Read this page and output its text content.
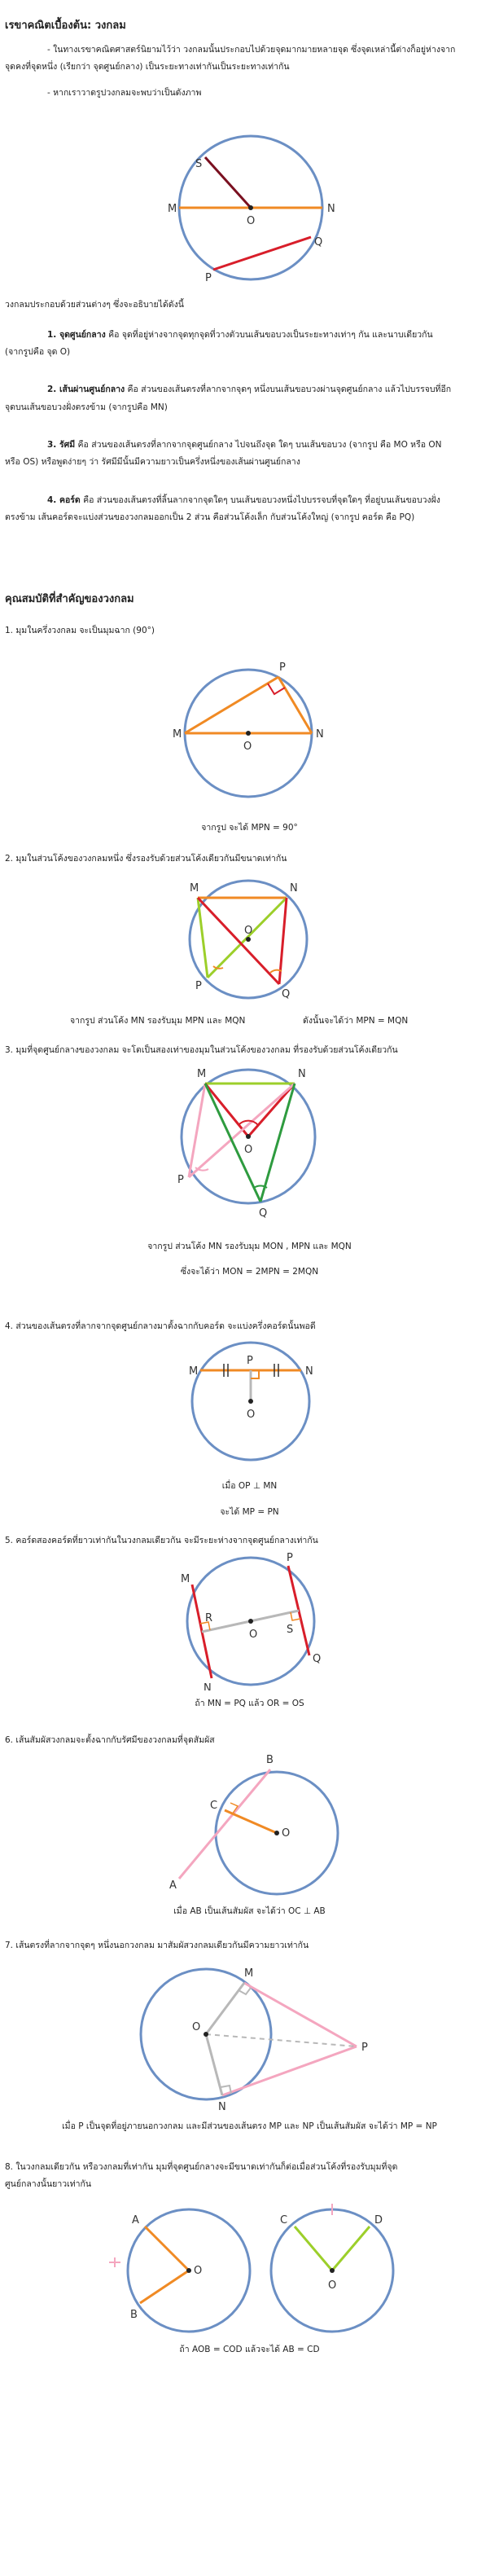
เรขาคณิตเบื้องต้น: วงกลม
- ในทางเรขาคณิตศาสตร์นิยามไว้ว่า วงกลมนั้นประกอบไปด้วยจุดมากมายหลายจุด ซึ่งจุดเหล่านี้ต่างก็อยู่ห่างจาก
จุดคงที่จุดหนึ่ง (เรียกว่า จุดศูนย์กลาง) เป็นระยะทางเท่ากันเป็นระยะทางเท่ากัน
- หากเราวาดรูปวงกลมจะพบว่าเป็นดังภาพ
S
M	N
O
P
Q
วงกลมประกอบด้วยส่วนต่างๆ ซึ่งจะอธิบายได้ดังนี้
1. จุดศูนย์กลาง คือ จุดที่อยู่ห่างจากจุดทุกจุดที่วางตัวบนเส้นขอบวงเป็นระยะทางเท่าๆ กัน และนาบเดียวกัน
(จากรูปคือ จุด O)
2. เส้นผ่านศูนย์กลาง คือ ส่วนของเส้นตรงที่ลากจากจุดๆ หนึ่งบนเส้นขอบวงผ่านจุดศูนย์กลาง แล้วไปบรรจบที่อีก
จุดบนเส้นขอบวงฝั่งตรงข้าม (จากรูปคือ MN)
3. รัศมี คือ ส่วนของเส้นตรงที่ลากจากจุดศูนย์กลาง ไปจนถึงจุด ใดๆ บนเส้นขอบวง (จากรูป คือ MO หรือ ON
หรือ OS) หรือพูดง่ายๆ ว่า รัศมีมีนั้นมีความยาวเป็นครึ่งหนึ่งของเส้นผ่านศูนย์กลาง
4. คอร์ด คือ ส่วนของเส้นตรงที่ลิ้นลากจากจุดใดๆ บนเส้นขอบวงหนึ่งไปบรรจบที่จุดใดๆ ที่อยู่บนเส้นขอบวงฝั่ง
ตรงข้าม เส้นคอร์ดจะแบ่งส่วนของวงกลมออกเป็น 2 ส่วน คือส่วนโค้งเล็ก กับส่วนโค้งใหญ่ (จากรูป คอร์ด คือ PQ)
คุณสมบัติที่สำคัญของวงกลม
1. มุมในครึ่งวงกลม จะเป็นมุมฉาก (90°)
M
P
N
O
จากรูป จะได้ MPN = 90°
2. มุมในส่วนโค้งของวงกลมหนึ่ง ซึ่งรองรับด้วยส่วนโค้งเดียวกันมีขนาดเท่ากัน
M	N
O
P
Q
จากรูป ส่วนโค้ง MN รองรับมุม MPN และ MQN	ดังนั้นจะได้ว่า MPN = MQN
3. มุมที่จุดศูนย์กลางของวงกลม จะโตเป็นสองเท่าของมุมในส่วนโค้งของวงกลม ที่รองรับด้วยส่วนโค้งเดียวกัน
M	N
O
P
Q
จากรูป ส่วนโค้ง MN รองรับมุม MON , MPN และ MQN
ซึ่งจะได้ว่า MON = 2MPN = 2MQN
4. ส่วนของเส้นตรงที่ลากจากจุดศูนย์กลางมาตั้งฉากกับคอร์ด จะแบ่งครึ่งคอร์ดนั้นพอดี
M
P
N
O
เมื่อ OP ⊥ MN
จะได้ MP = PN
5. คอร์ดสองคอร์ดที่ยาวเท่ากันในวงกลมเดียวกัน จะมีระยะห่างจากจุดศูนย์กลางเท่ากัน
M
N
R
O
P
S
Q
ถ้า MN = PQ แล้ว OR = OS
6. เส้นสัมผัสวงกลมจะตั้งฉากกับรัศมีของวงกลมที่จุดสัมผัส
A
B
C
O
เมื่อ AB เป็นเส้นสัมผัส จะได้ว่า OC ⊥ AB
7. เส้นตรงที่ลากจากจุดๆ หนึ่งนอกวงกลม มาสัมผัสวงกลมเดียวกันมีความยาวเท่ากัน
M
O
P
N
เมื่อ P เป็นจุดที่อยู่ภายนอกวงกลม และมีส่วนของเส้นตรง MP และ NP เป็นเส้นสัมผัส จะได้ว่า MP = NP
8. ในวงกลมเดียวกัน หรือวงกลมที่เท่ากัน มุมที่จุดศูนย์กลางจะมีขนาดเท่ากันก็ต่อเมื่อส่วนโค้งที่รองรับมุมที่จุด
ศูนย์กลางนั้นยาวเท่ากัน
A
B
O
C	D
O
ถ้า AOB = COD แล้วจะได้ AB = CD
